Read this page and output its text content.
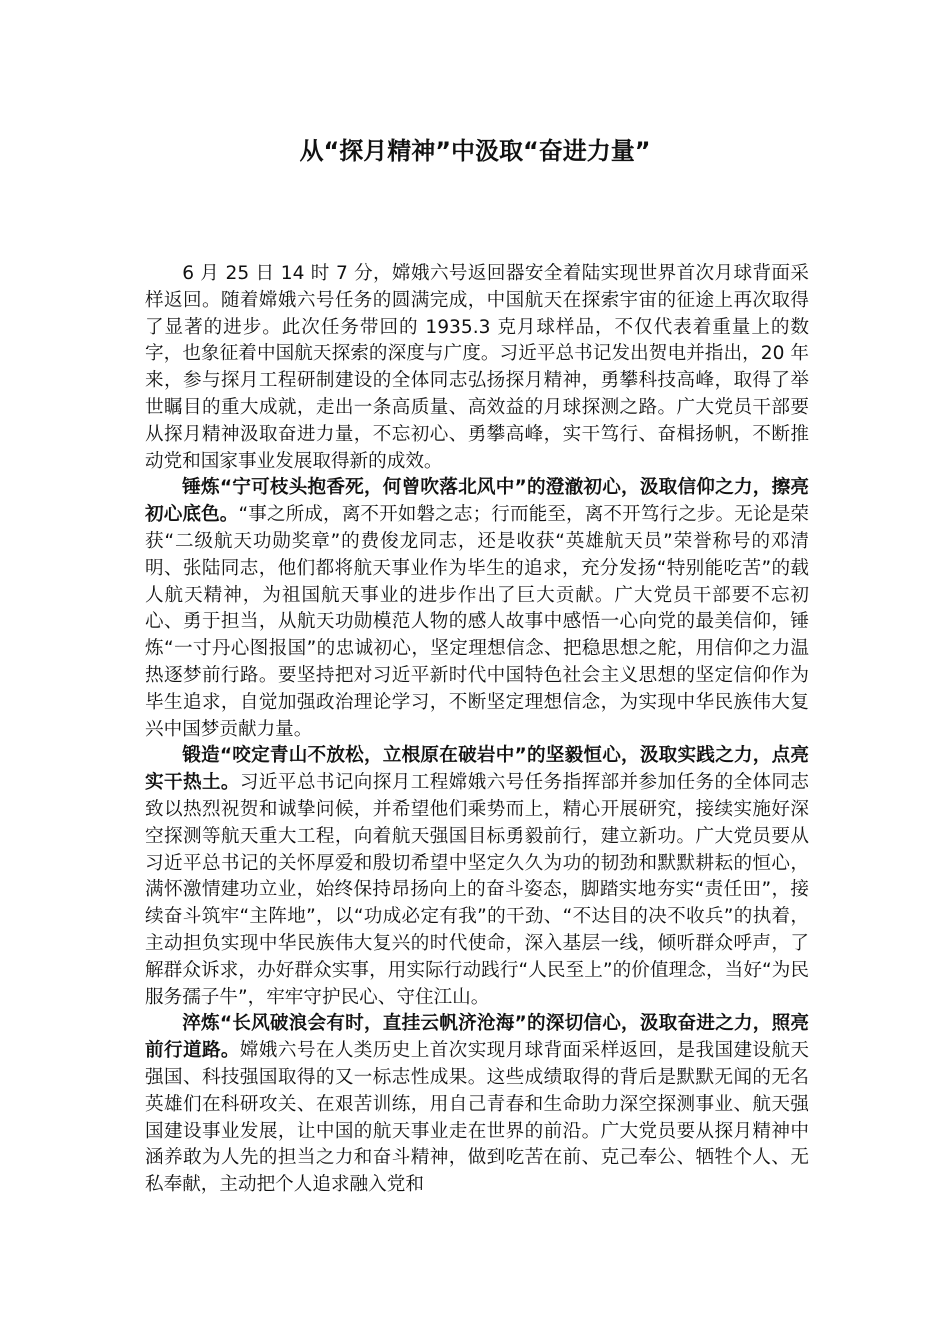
从“探月精神”中汲取“奋进力量”

6 月 25 日 14 时 7 分，嫦娥六号返回器安全着陆实现世界首次月球背面采样返回。随着嫦娥六号任务的圆满完成，中国航天在探索宇宙的征途上再次取得了显著的进步。此次任务带回的 1935.3 克月球样品，不仅代表着重量上的数字，也象征着中国航天探索的深度与广度。习近平总书记发出贺电并指出，20 年来，参与探月工程研制建设的全体同志弘扬探月精神，勇攀科技高峰，取得了举世瞩目的重大成就，走出一条高质量、高效益的月球探测之路。广大党员干部要从探月精神汲取奋进力量，不忘初心、勇攀高峰，实干笃行、奋楫扬帆，不断推动党和国家事业发展取得新的成效。

锤炼“宁可枝头抱香死，何曾吹落北风中”的澄澈初心，汲取信仰之力，擦亮初心底色。“事之所成，离不开如磐之志；行而能至，离不开笃行之步。无论是荣获“二级航天功勋奖章”的费俊龙同志，还是收获“英雄航天员”荣誉称号的邓清明、张陆同志，他们都将航天事业作为毕生的追求，充分发扬“特别能吃苦”的载人航天精神，为祖国航天事业的进步作出了巨大贡献。广大党员干部要不忘初心、勇于担当，从航天功勋模范人物的感人故事中感悟一心向党的最美信仰，锤炼“一寸丹心图报国”的忠诚初心，坚定理想信念、把稳思想之舵，用信仰之力温热逐梦前行路。要坚持把对习近平新时代中国特色社会主义思想的坚定信仰作为毕生追求，自觉加强政治理论学习，不断坚定理想信念，为实现中华民族伟大复兴中国梦贡献力量。

锻造“咬定青山不放松，立根原在破岩中”的坚毅恒心，汲取实践之力，点亮实干热土。习近平总书记向探月工程嫦娥六号任务指挥部并参加任务的全体同志致以热烈祝贺和诚挚问候，并希望他们乘势而上，精心开展研究，接续实施好深空探测等航天重大工程，向着航天强国目标勇毅前行，建立新功。广大党员要从习近平总书记的关怀厚爱和殷切希望中坚定久久为功的韧劲和默默耕耘的恒心，满怀激情建功立业，始终保持昂扬向上的奋斗姿态，脚踏实地夯实“责任田”，接续奋斗筑牢“主阵地”，以“功成必定有我”的干劲、“不达目的决不收兵”的执着，主动担负实现中华民族伟大复兴的时代使命，深入基层一线，倾听群众呼声，了解群众诉求，办好群众实事，用实际行动践行“人民至上”的价值理念，当好“为民服务孺子牛”，牢牢守护民心、守住江山。

淬炼“长风破浪会有时，直挂云帆济沧海”的深切信心，汲取奋进之力，照亮前行道路。嫦娥六号在人类历史上首次实现月球背面采样返回，是我国建设航天强国、科技强国取得的又一标志性成果。这些成绩取得的背后是默默无闻的无名英雄们在科研攻关、在艰苦训练，用自己青春和生命助力深空探测事业、航天强国建设事业发展，让中国的航天事业走在世界的前沿。广大党员要从探月精神中涵养敢为人先的担当之力和奋斗精神，做到吃苦在前、克己奉公、牺牲个人、无私奉献，主动把个人追求融入党和
